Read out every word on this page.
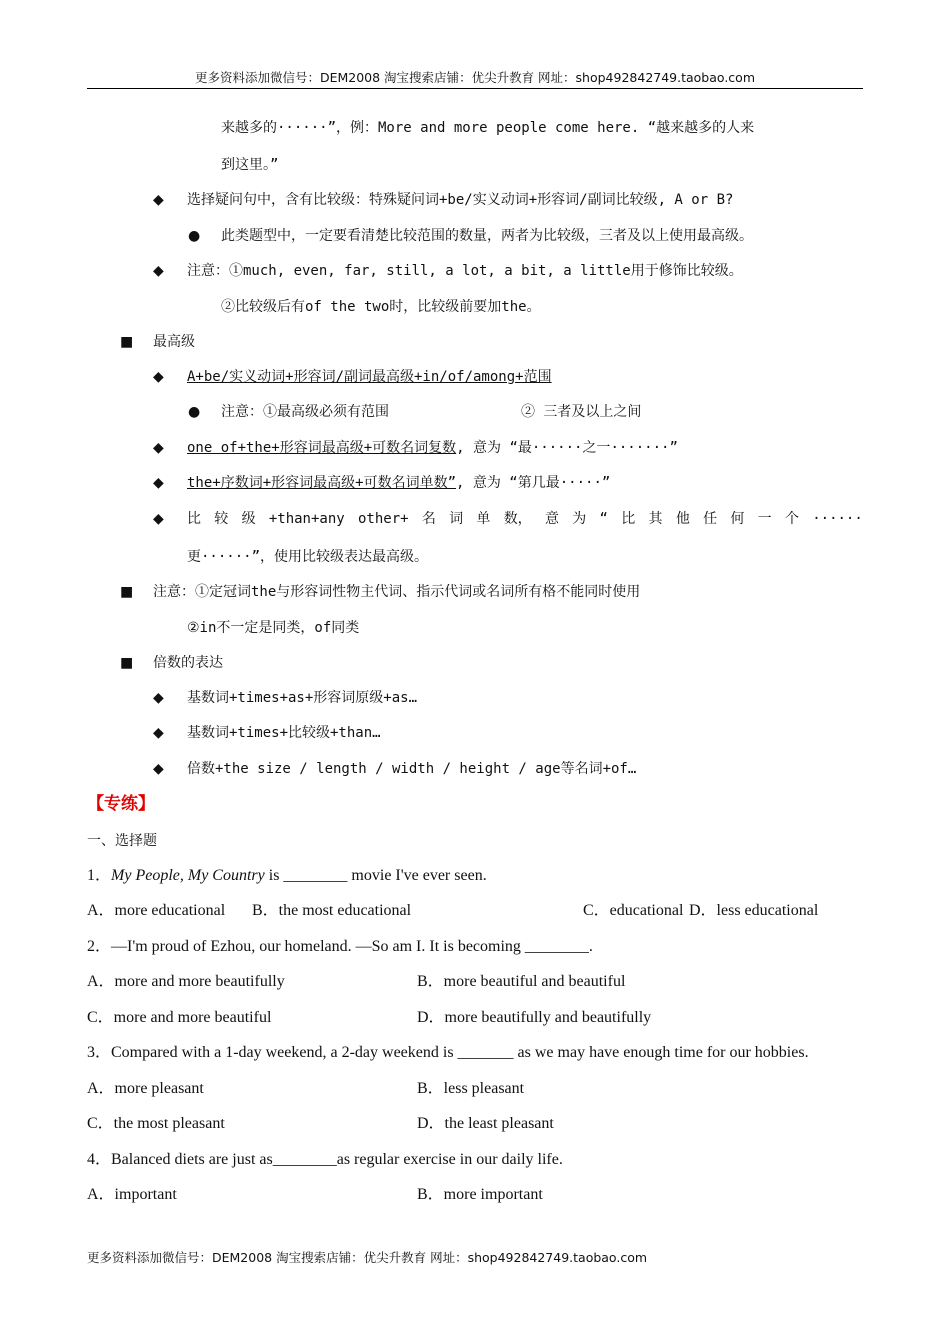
更多资料添加微信号：DEM2008 淘宝搜索店铺：优尖升教育 网址：shop492842749.taobao.com
来越多的······”，例：More and more people come here. “越来越多的人来
到这里。”
◆ 选择疑问句中，含有比较级：特殊疑问词+be/实义动词+形容词/副词比较级, A or B?
● 此类题型中，一定要看清楚比较范围的数量，两者为比较级，三者及以上使用最高级。
◆ 注意：①much, even, far, still, a lot, a bit, a little用于修饰比较级。
②比较级后有of the two时，比较级前要加the。
■ 最高级
◆ A+be/实义动词+形容词/副词最高级+in/of/among+范围
● 注意：①最高级必须有范围	② 三者及以上之间
◆ one of+the+形容词最高级+可数名词复数, 意为 “最······之一·······”
◆ the+序数词+形容词最高级+可数名词单数”, 意为 “第几最·····”
◆ 比 较 级 +than+any other+ 名 词 单 数， 意 为 “ 比 其 他 任 何 一 个 ······
更······”，使用比较级表达最高级。
■ 注意：①定冠词the与形容词性物主代词、指示代词或名词所有格不能同时使用
②in不一定是同类，of同类
■ 倍数的表达
◆ 基数词+times+as+形容词原级+as…
◆ 基数词+times+比较级+than…
◆ 倍数+the size / length / width / height / age等名词+of…
【专练】
一、选择题
1．My People, My Country is ________ movie I've ever seen.
A．more educational B．the most educational	C．educational D．less educational
2．—I'm proud of Ezhou, our homeland. —So am I. It is becoming ________.
A．more and more beautifully	B．more beautiful and beautiful
C．more and more beautiful	D．more beautifully and beautifully
3．Compared with a 1-day weekend, a 2-day weekend is _______ as we may have enough time for our hobbies.
A．more pleasant	B．less pleasant
C．the most pleasant	D．the least pleasant
4．Balanced diets are just as________as regular exercise in our daily life.
A．important	B．more important
更多资料添加微信号：DEM2008 淘宝搜索店铺：优尖升教育 网址：shop492842749.taobao.com
